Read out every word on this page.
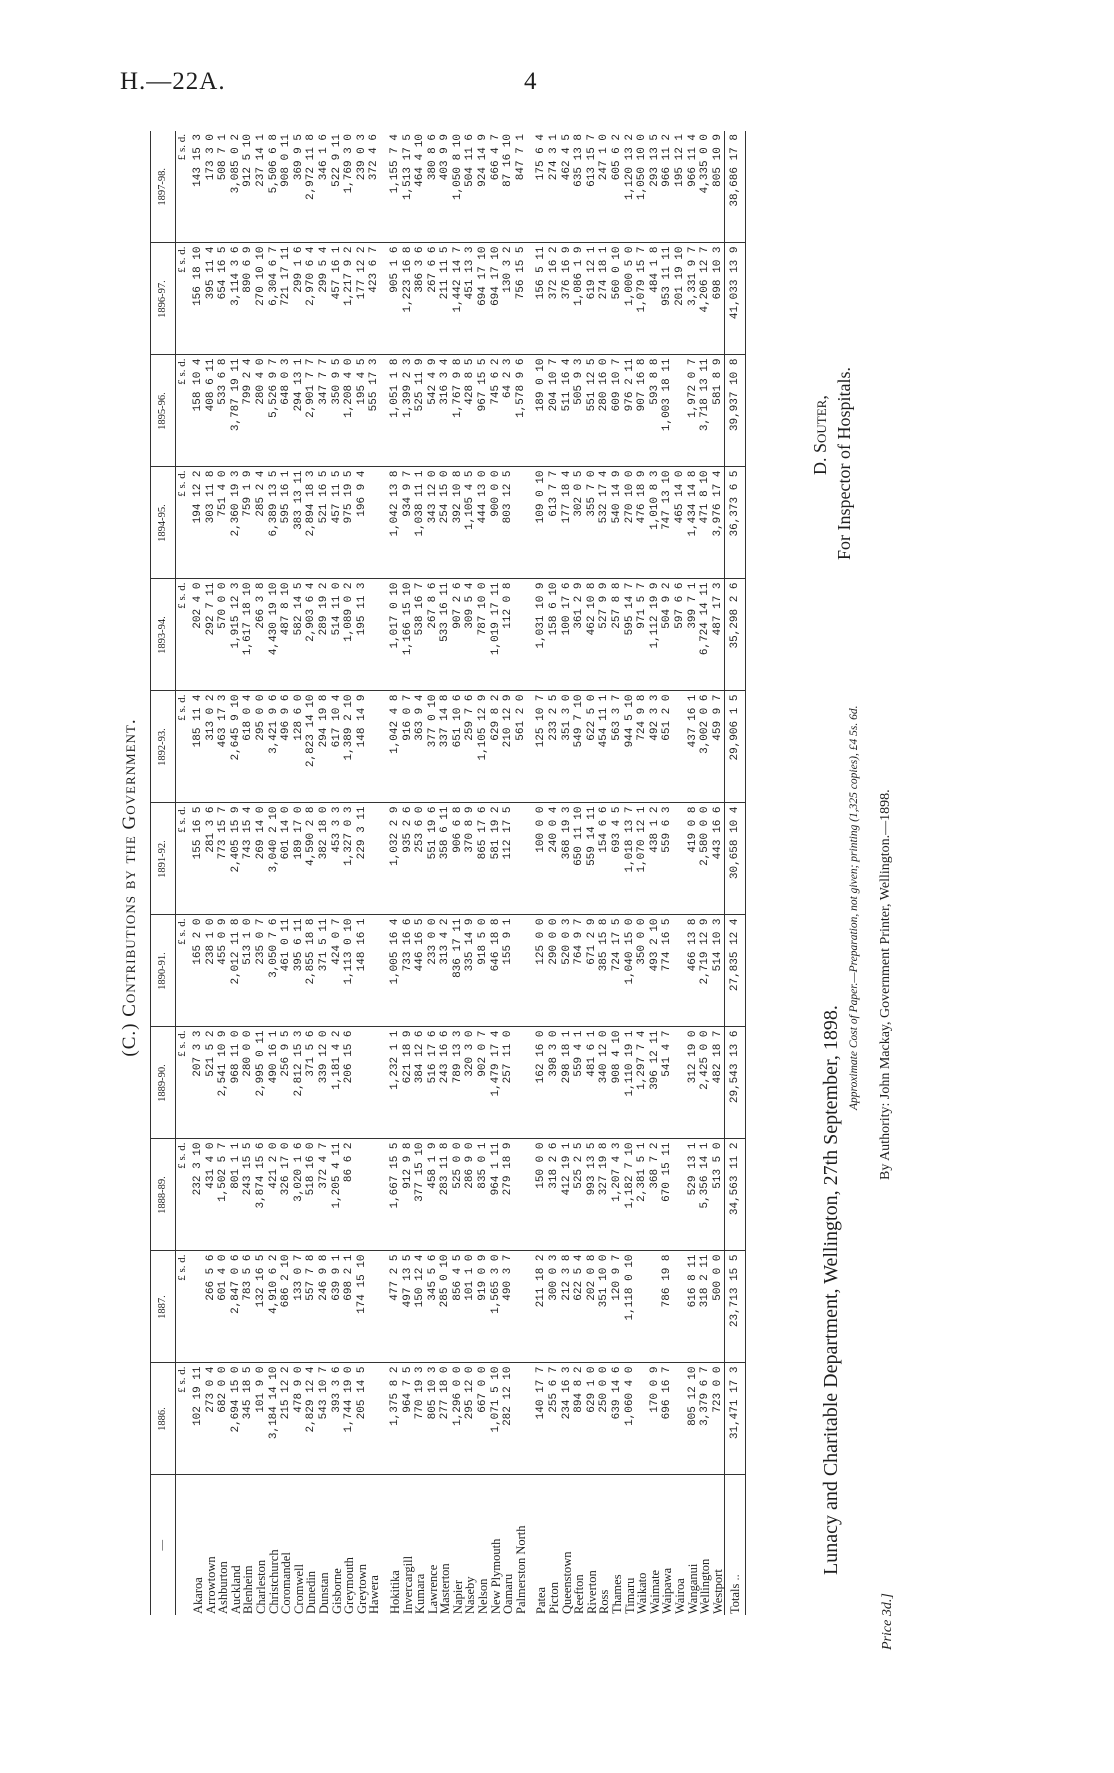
H.—22A.	4
(C.) Contributions by the Government.
—	1886.	1887.	1888-89.	1889-90.	1890-91.	1891-92.	1892-93.	1893-94.	1894-95.	1895-96.	1896-97.	1897-98.
	£ s. d.	£ s. d.	£ s. d.	£ s. d.	£ s. d.	£ s. d.	£ s. d.	£ s. d.	£ s. d.	£ s. d.	£ s. d.	£ s. d.
Akaroa	102 19 11		232 3 10	207 3 3	165 2 0	155 16 5	185 11 4	202 4 0	194 12 2	158 10 4	156 18 10	143 15 3
Arrowtown	273 0 4	266 5 6	431 4 0	521 5 2	238 1 0	281 3 6	313 0 2	292 7 11	303 11 8	408 6 11	395 11 4	173 3 0
Ashburton	682 0 0	601 4 0	1,502 5 7	2,541 10 9	455 0 9	773 15 7	463 17 3	570 0 0	751 4 0	533 6 8	654 16 5	508 7 1
Auckland	2,694 15 0	2,847 0 6	801 1 1	968 11 0	2,012 11 8	2,405 15 9	2,645 9 10	1,915 12 3	2,360 19 3	3,787 19 11	3,114 3 6	3,085 0 2
Blenheim	345 18 5	783 5 6	243 15 5	280 0 0	513 1 0	743 15 4	618 0 4	1,617 18 10	759 1 9	799 2 4	890 6 9	912 5 10
Charleston	101 9 0	132 16 5	3,874 15 6	2,995 0 11	235 0 7	269 14 0	295 0 0	266 3 8	285 2 4	280 4 0	270 10 10	237 14 1
Christchurch	3,184 14 10	4,910 6 2	421 2 0	490 16 1	3,050 7 6	3,040 2 10	3,421 9 6	4,430 19 10	6,389 13 5	5,526 9 7	6,304 6 7	5,506 6 8
Coromandel	215 12 2	686 2 10	326 17 0	256 9 5	461 0 11	601 14 0	496 9 6	487 8 10	595 16 1	648 0 3	721 17 11	908 0 11
Cromwell	478 9 0	133 0 7	3,020 1 6	2,812 15 3	395 6 11	189 17 0	128 6 0	582 14 5	383 13 11	294 13 1	299 1 6	369 9 5
Dunedin	2,829 12 4	557 7 8	518 16 0	371 5 6	2,855 18 8	4,590 2 8	2,823 14 10	2,903 6 4	2,894 18 3	2,901 7 7	2,970 6 4	2,972 11 8
Dunstan	543 10 7	246 9 8	372 4 7	339 12 0	371 5 11	382 18 0	294 19 8	289 19 2	521 16 5	347 7 7	299 5 4	346 1 6
Gisborne	393 3 6	639 9 1	1,205 4 11	1,181 4 2	424 0 7	453 3 3	617 10 4	514 11 0	457 11 5	350 9 5	457 16 1	522 9 11
Greymouth	1,744 19 0	698 2 1	86 6 2	206 15 6	1,113 0 10	1,327 0 3	1,389 2 10	1,089 0 2	975 19 5	1,208 4 0	1,217 9 2	1,769 3 0
Greytown	205 14 5	174 15 10			148 16 1	229 3 11	148 14 9	195 11 3	196 9 4	195 4 5	177 12 2	239 0 3
Hawera										555 17 3	423 6 7	372 4 6

Hokitika	1,375 8 2	477 2 5	1,667 15 5	1,232 1 1	1,005 16 4	1,032 2 9	1,042 4 8	1,017 0 10	1,042 13 8	1,051 1 8	905 1 6	1,155 7 4
Invercargill	964 7 5	497 13 5	912 9 8	621 18 9	733 16 6	935 2 6	916 0 7	1,166 15 10	934 9 7	1,399 2 3	1,223 16 8	1,513 17 5
Kumara	770 19 3	150 12 4	377 15 10	384 12 6	446 16 5	253 6 0	363 9 4	538 16 7	1,038 11 1	525 11 9	386 3 6	464 4 10
Lawrence	805 10 3	345 5 6	458 1 9	516 17 6	233 0 0	551 19 6	377 0 10	267 8 6	343 12 0	542 4 9	267 6 6	380 8 6
Masterton	277 18 0	285 0 10	283 11 8	243 16 6	313 4 2	358 6 11	337 14 8	533 16 11	254 15 0	316 3 4	211 11 5	403 9 9
Napier	1,296 0 0	856 4 5	525 0 0	789 13 3	836 17 11	906 6 8	651 10 6	907 2 6	392 10 8	1,767 9 8	1,442 14 7	1,050 8 10
Naseby	295 12 0	101 1 0	286 9 0	320 3 0	335 14 9	370 8 9	259 7 6	309 5 4	1,105 4 5	428 8 5	451 13 3	504 11 6
Nelson	667 0 0	919 0 9	835 0 1	902 0 7	918 5 0	865 17 6	1,105 12 9	787 10 0	444 13 0	967 15 5	694 17 10	924 14 9
New Plymouth	1,071 5 10	1,565 3 0	964 1 11	1,479 17 4	646 18 8	581 19 2	629 8 2	1,019 17 11	900 0 0	745 6 2	694 17 10	666 4 7
Oamaru	282 12 10	490 3 7	279 18 9	257 11 0	155 9 1	112 17 5	210 12 9	112 0 8	803 12 5	64 2 3	130 3 2	87 16 10
Palmerston North							561 2 0			1,578 9 6	756 15 5	847 7 1

Patea	140 17 7	211 18 2	150 0 0	162 16 0	125 0 0	100 0 0	125 10 7	1,031 10 9	109 0 10	189 0 10	156 5 11	175 6 4
Picton	255 6 7	300 0 3	318 2 6	398 3 0	290 0 0	240 0 4	233 2 5	158 6 10	613 7 7	204 10 7	372 16 2	274 3 1
Queenstown	234 16 3	212 3 8	412 19 1	298 18 1	520 0 3	368 19 3	351 3 0	100 17 6	177 18 4	511 16 4	376 16 9	462 4 5
Reefton	894 8 2	622 5 4	525 2 5	559 4 1	764 9 7	650 11 10	549 7 10	361 2 9	302 0 5	505 9 3	1,086 1 9	635 13 8
Riverton	629 1 0	202 0 8	993 13 5	481 6 1	671 2 9	559 14 11	622 5 0	462 10 8	355 7 0	551 12 5	619 12 1	613 15 7
Ross	250 0 0	351 10 0	327 19 8	340 12 0	385 15 8	154 6 6	454 11 1	527 9 9	532 17 4	280 16 0	274 18 1	247 1 0
Thames	639 14 6	120 9 7	1,207 4 3	908 4 10	724 17 5	693 4 5	563 3 7	257 8 8	540 14 9	609 10 7	560 0 10	605 6 2
Timaru	1,060 4 0	1,118 0 10	1,182 7 10	1,110 19 1	1,040 15 0	1,018 13 7	944 5 10	595 14 7	270 10 0	976 2 11	1,000 5 0	1,120 13 2
Waikato			2,381 5 1	1,297 7 4	350 0 0	1,070 12 1	724 9 8	971 5 7	476 18 9	907 16 8	1,079 15 7	1,050 10 0
Waimate	170 0 9		368 7 2	396 12 11	493 2 10	438 1 2	492 3 3	1,112 19 9	1,010 8 3	593 8 8	484 1 8	293 13 5
Waipawa	696 16 7	786 19 8	670 15 11	541 4 7	774 16 5	559 6 3	651 2 0	504 9 2	747 13 10	1,003 18 11	953 11 11	966 11 2
Wairoa								597 6 6	465 14 0		201 19 10	195 12 1
Wanganui	805 12 10	616 8 11	529 13 1	312 19 0	466 13 8	419 0 8	437 16 1	399 7 1	1,434 14 8	1,972 0 7	3,331 9 7	966 11 4
Wellington	3,379 6 7	318 2 11	5,356 14 1	2,425 0 0	2,719 12 9	2,580 0 0	3,002 0 6	6,724 14 11	471 8 10	3,718 13 11	4,206 12 7	4,335 0 0
Westport	723 0 0	500 0 0	513 5 0	482 18 7	514 10 3	443 16 6	459 9 7	487 17 3	3,976 17 4	581 8 9	698 10 3	805 10 9
Totals ..	31,471 17 3	23,713 15 5	34,563 11 2	29,543 13 6	27,835 12 4	30,658 10 4	29,906 1 5	35,298 2 6	36,373 6 5	39,937 10 8	41,033 13 9	38,686 17 8
Lunacy and Charitable Department, Wellington, 27th September, 1898.
D. Souter, For Inspector of Hospitals.
Approximate Cost of Paper.—Preparation, not given; printing (1,325 copies), £4 5s. 6d. By Authority: John Mackay, Government Printer, Wellington.—1898.
Price 3d.]
